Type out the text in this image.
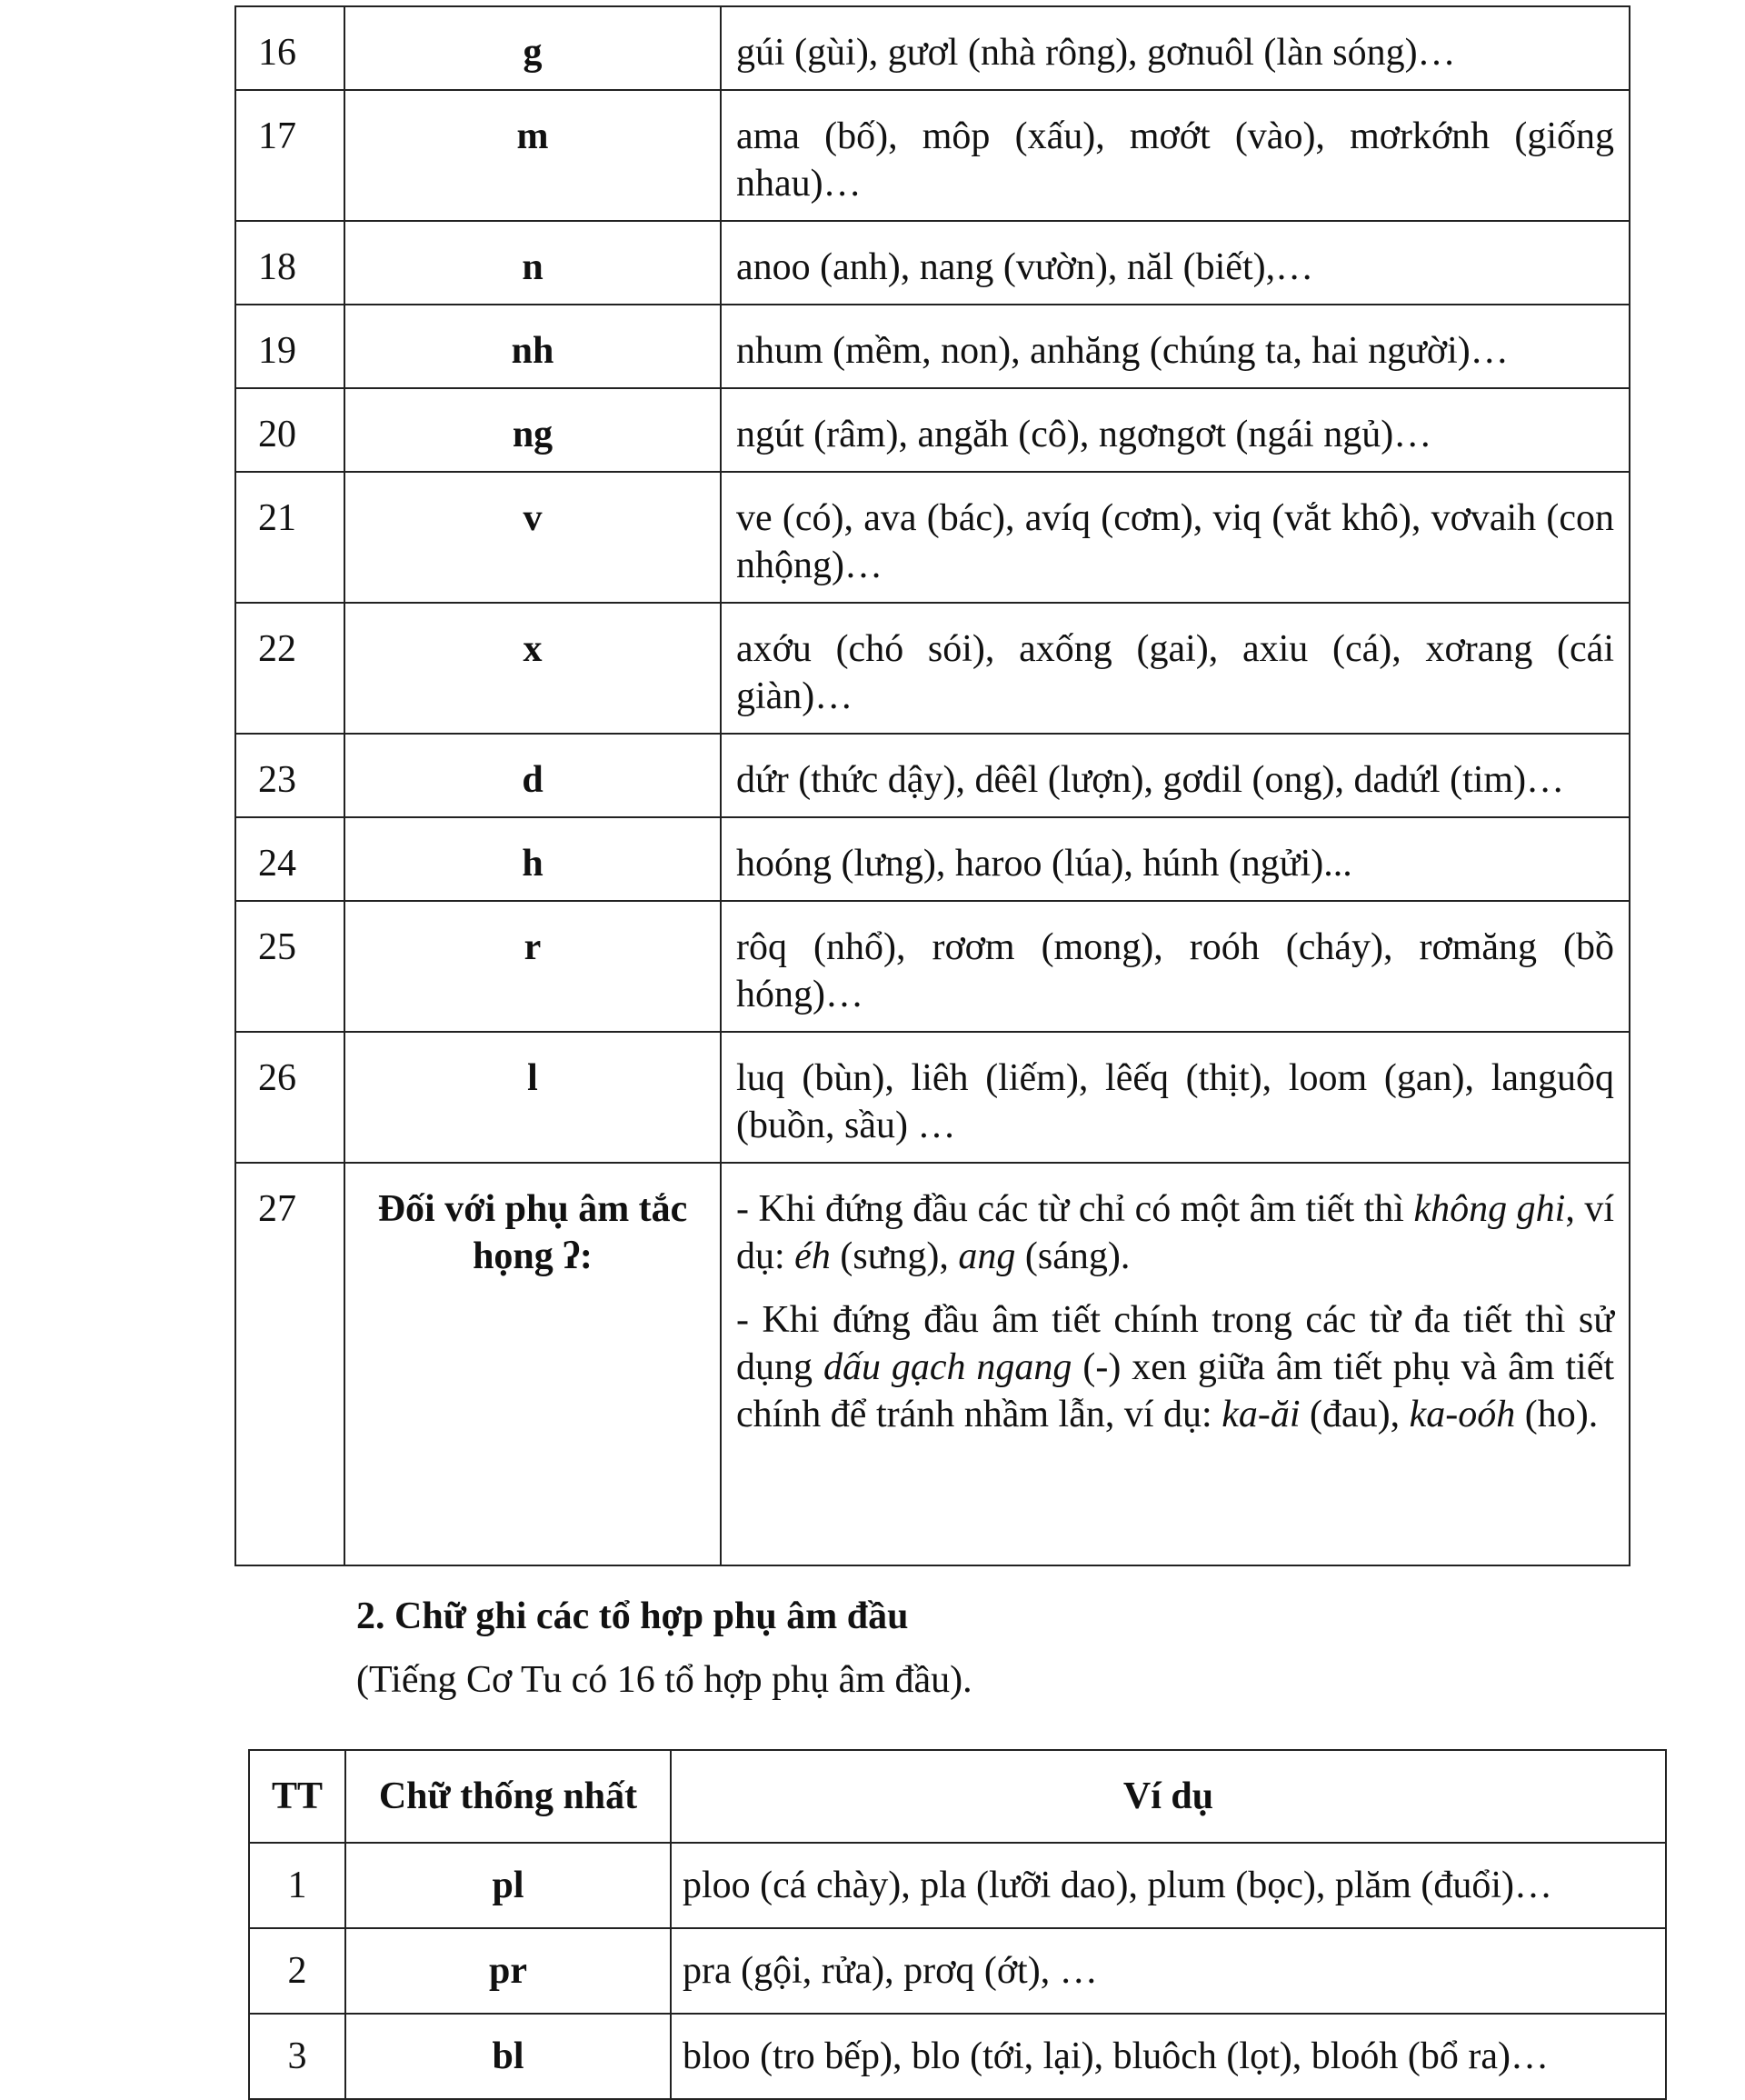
16	g	gúi (gùi), gươl (nhà rông), gơnuôl (làn sóng)…
17	m	ama (bố), môp (xấu), mơớt (vào), mơrkớnh (giống nhau)…
18	n	anoo (anh), nang (vườn), năl (biết),…
19	nh	nhum (mềm, non), anhăng (chúng ta, hai người)…
20	ng	ngút (râm), angăh (cô), ngơngơt (ngái ngủ)…
21	v	ve (có), ava (bác), avíq (cơm), viq (vắt khô), vơvaih (con nhộng)…
22	x	axớu (chó sói), axống (gai), axiu (cá), xơrang (cái giàn)…
23	d	dứr (thức dậy), dêêl (lượn), gơdil (ong), dadứl (tim)…
24	h	hoóng (lưng), haroo (lúa), húnh (ngửi)...
25	r	rôq (nhổ), rơơm (mong), roóh (cháy), rơmăng (bồ hóng)…
26	l	luq (bùn), liêh (liếm), lêếq (thịt), loom (gan), languôq (buồn, sầu) …
27	Đối với phụ âm tắc họng ʔ:	- Khi đứng đầu các từ chỉ có một âm tiết thì không ghi, ví dụ: éh (sưng), ang (sáng).
- Khi đứng đầu âm tiết chính trong các từ đa tiết thì sử dụng dấu gạch ngang (-) xen giữa âm tiết phụ và âm tiết chính để tránh nhầm lẫn, ví dụ: ka-ăi (đau), ka-oóh (ho).
2. Chữ ghi các tổ hợp phụ âm đầu
(Tiếng Cơ Tu có 16 tổ hợp phụ âm đầu).
TT	Chữ thống nhất	Ví dụ
1	pl	ploo (cá chày), pla (lưỡi dao), plum (bọc), plăm (đuổi)…
2	pr	pra (gội, rửa), prơq (ớt), …
3	bl	bloo (tro bếp), blo (tới, lại), bluôch (lọt), bloóh (bổ ra)…
